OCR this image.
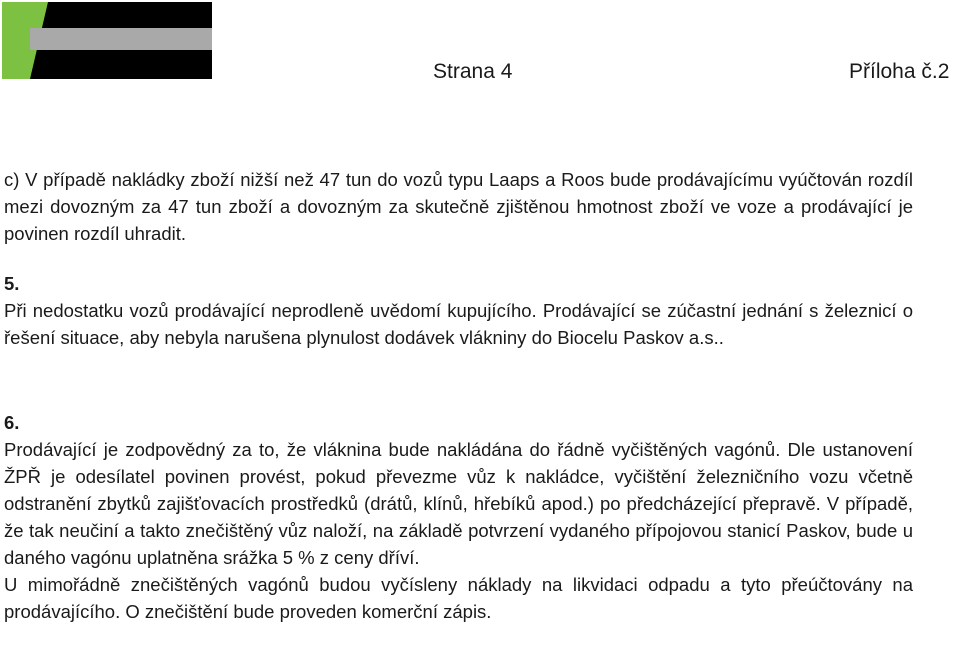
Strana 4	Příloha č.2

c) V případě nakládky zboží nižší než 47 tun do vozů typu Laaps a Roos bude prodávajícímu vyúčtován rozdíl mezi dovozným za 47 tun zboží a dovozným za skutečně zjištěnou hmotnost zboží ve voze a prodávající je povinen rozdíl uhradit.

5.

Při nedostatku vozů prodávající neprodleně uvědomí kupujícího. Prodávající se zúčastní jednání s železnicí o řešení situace, aby nebyla narušena plynulost dodávek vlákniny do Biocelu Paskov a.s..

6.

Prodávající je zodpovědný za to, že vláknina bude nakládána do řádně vyčištěných vagónů. Dle ustanovení ŽPŘ je odesílatel povinen provést, pokud převezme vůz k nakládce, vyčištění železničního vozu včetně odstranění zbytků zajišťovacích prostředků (drátů, klínů, hřebíků apod.) po předcházející přepravě. V případě, že tak neučiní a takto znečištěný vůz naloží, na základě potvrzení vydaného přípojovou stanicí Paskov, bude u daného vagónu uplatněna srážka 5 % z ceny dříví.

U mimořádně znečištěných vagónů budou vyčísleny náklady na likvidaci odpadu a tyto přeúčtovány na prodávajícího. O znečištění bude proveden komerční zápis.
